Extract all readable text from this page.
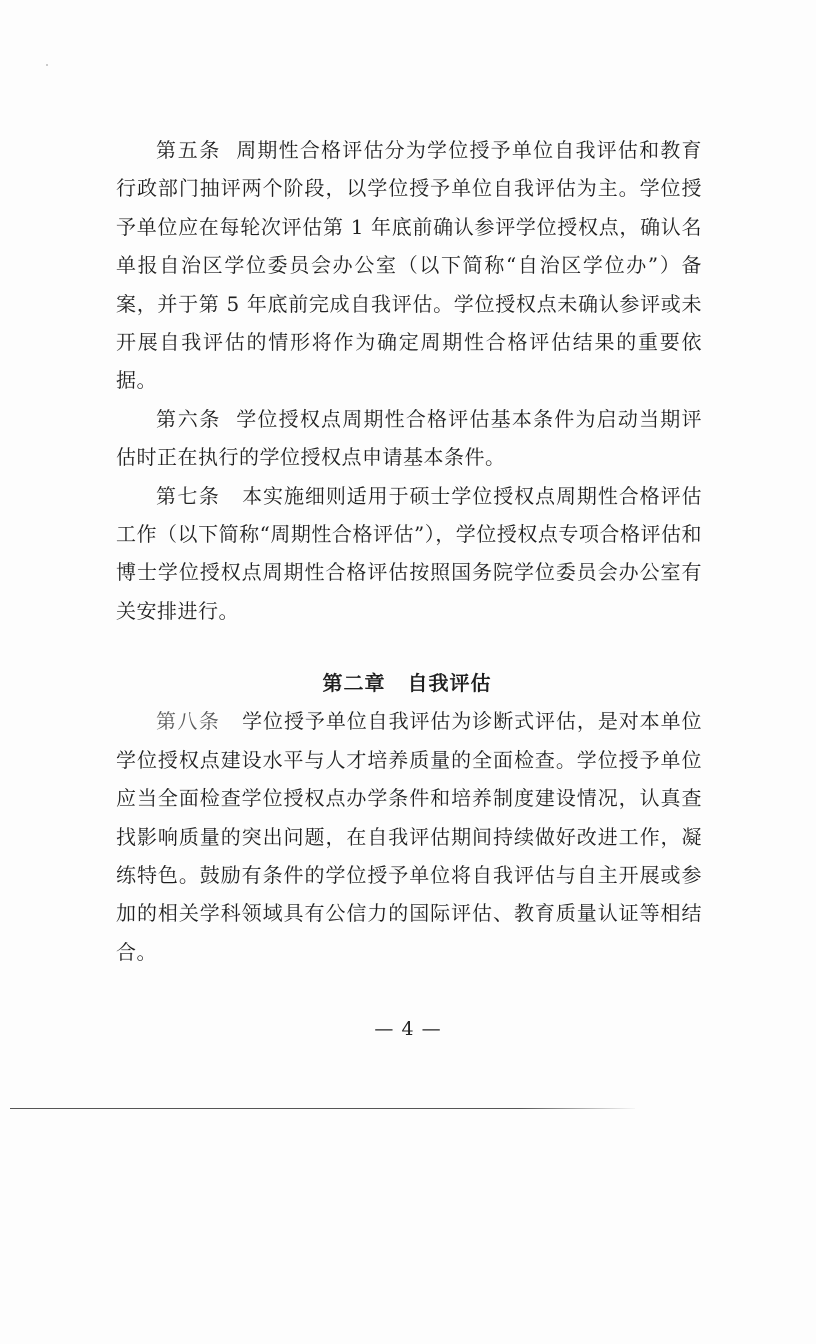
第五条 周期性合格评估分为学位授予单位自我评估和教育行政部门抽评两个阶段，以学位授予单位自我评估为主。学位授予单位应在每轮次评估第 1 年底前确认参评学位授权点，确认名单报自治区学位委员会办公室（以下简称“自治区学位办”）备案，并于第 5 年底前完成自我评估。学位授权点未确认参评或未开展自我评估的情形将作为确定周期性合格评估结果的重要依据。

第六条 学位授权点周期性合格评估基本条件为启动当期评估时正在执行的学位授权点申请基本条件。

第七条 本实施细则适用于硕士学位授权点周期性合格评估工作（以下简称“周期性合格评估”），学位授权点专项合格评估和博士学位授权点周期性合格评估按照国务院学位委员会办公室有关安排进行。

第二章 自我评估

第八条 学位授予单位自我评估为诊断式评估，是对本单位学位授权点建设水平与人才培养质量的全面检查。学位授予单位应当全面检查学位授权点办学条件和培养制度建设情况，认真查找影响质量的突出问题，在自我评估期间持续做好改进工作，凝练特色。鼓励有条件的学位授予单位将自我评估与自主开展或参加的相关学科领域具有公信力的国际评估、教育质量认证等相结合。

— 4 —
